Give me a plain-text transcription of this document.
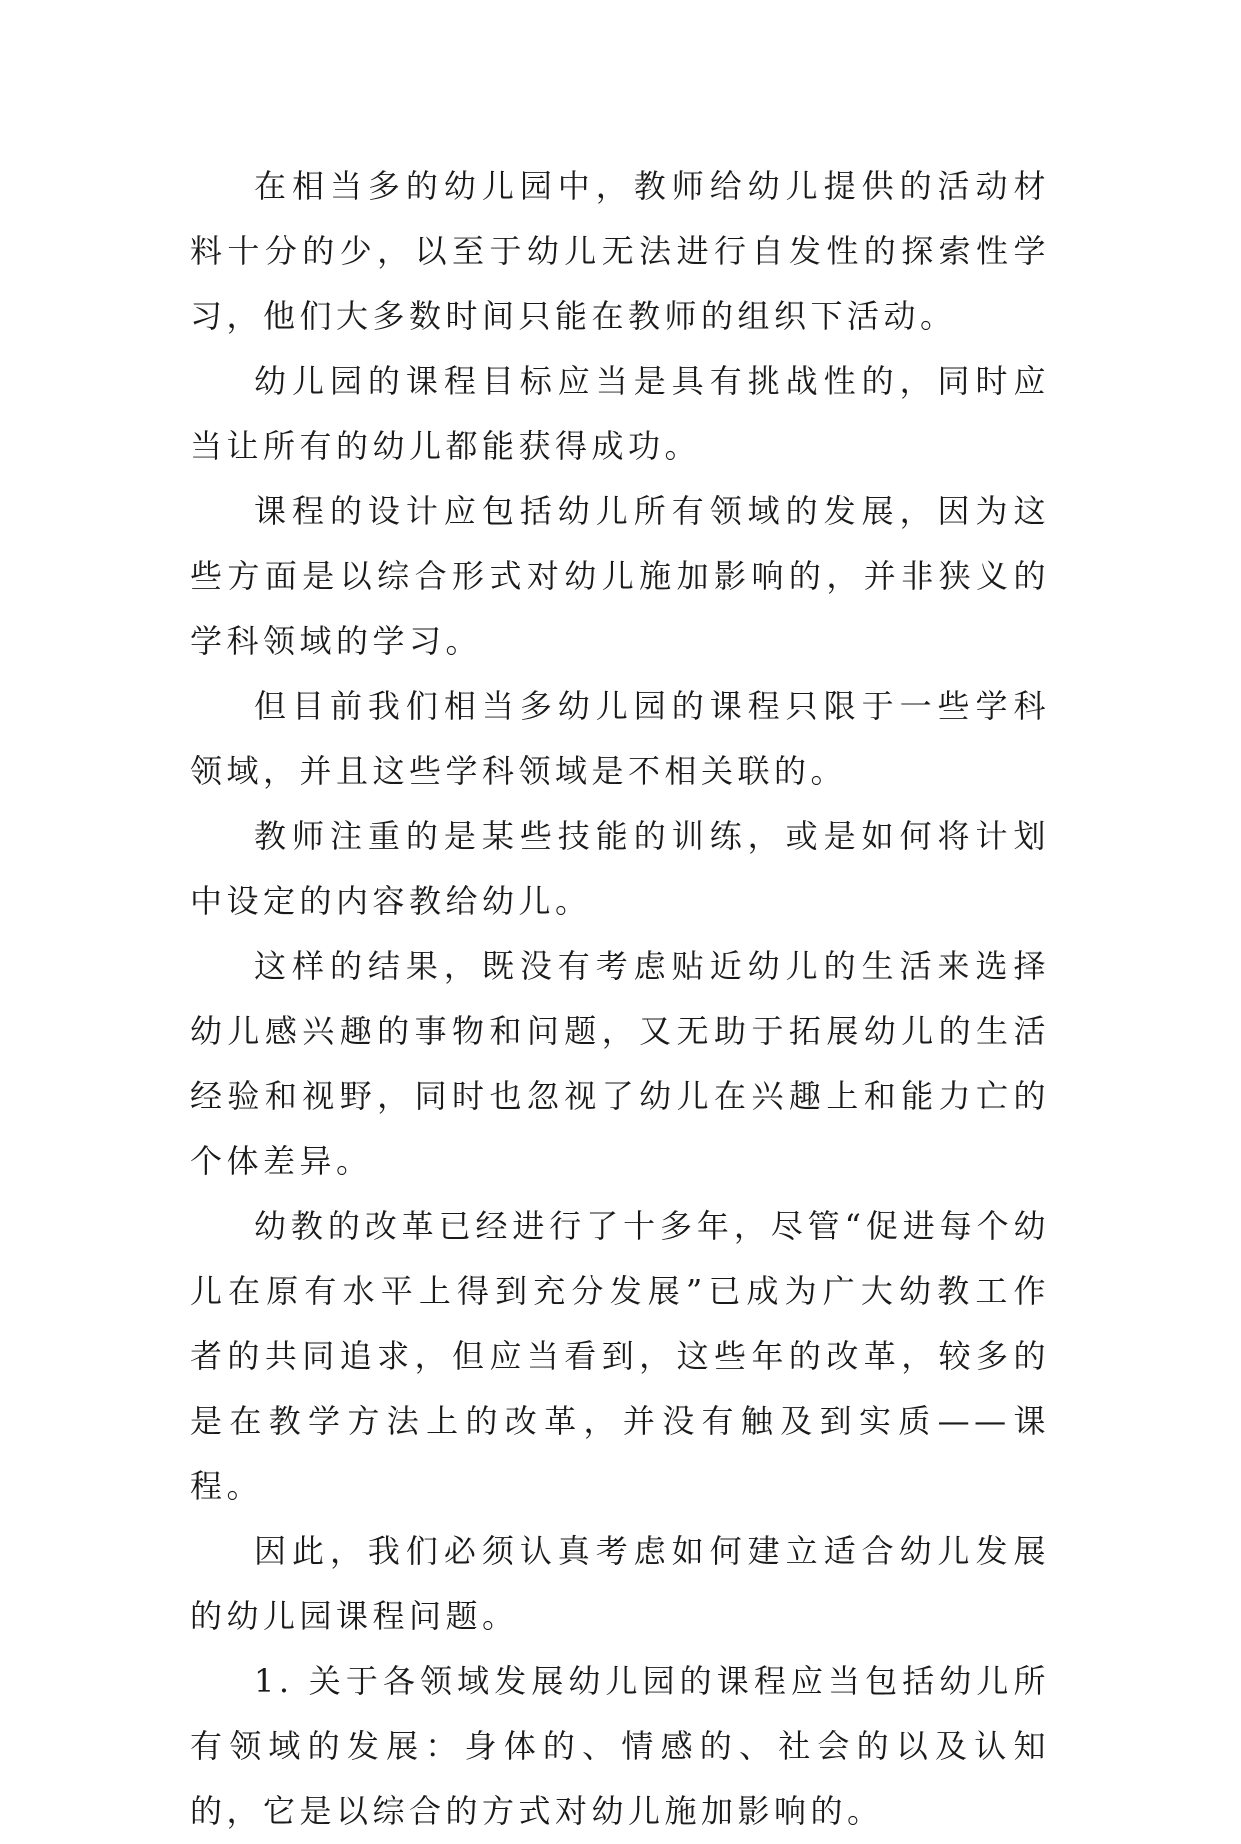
在相当多的幼儿园中，教师给幼儿提供的活动材料十分的少，以至于幼儿无法进行自发性的探索性学习，他们大多数时间只能在教师的组织下活动。

幼儿园的课程目标应当是具有挑战性的，同时应当让所有的幼儿都能获得成功。

课程的设计应包括幼儿所有领域的发展，因为这些方面是以综合形式对幼儿施加影响的，并非狭义的学科领域的学习。

但目前我们相当多幼儿园的课程只限于一些学科领域，并且这些学科领域是不相关联的。

教师注重的是某些技能的训练，或是如何将计划中设定的内容教给幼儿。

这样的结果，既没有考虑贴近幼儿的生活来选择幼儿感兴趣的事物和问题，又无助于拓展幼儿的生活经验和视野，同时也忽视了幼儿在兴趣上和能力亡的个体差异。

幼教的改革已经进行了十多年，尽管“促进每个幼儿在原有水平上得到充分发展”已成为广大幼教工作者的共同追求，但应当看到，这些年的改革，较多的是在教学方法上的改革，并没有触及到实质——课程。

因此，我们必须认真考虑如何建立适合幼儿发展的幼儿园课程问题。

1. 关于各领域发展幼儿园的课程应当包括幼儿所有领域的发展：身体的、情感的、社会的以及认知的，它是以综合的方式对幼儿施加影响的。
